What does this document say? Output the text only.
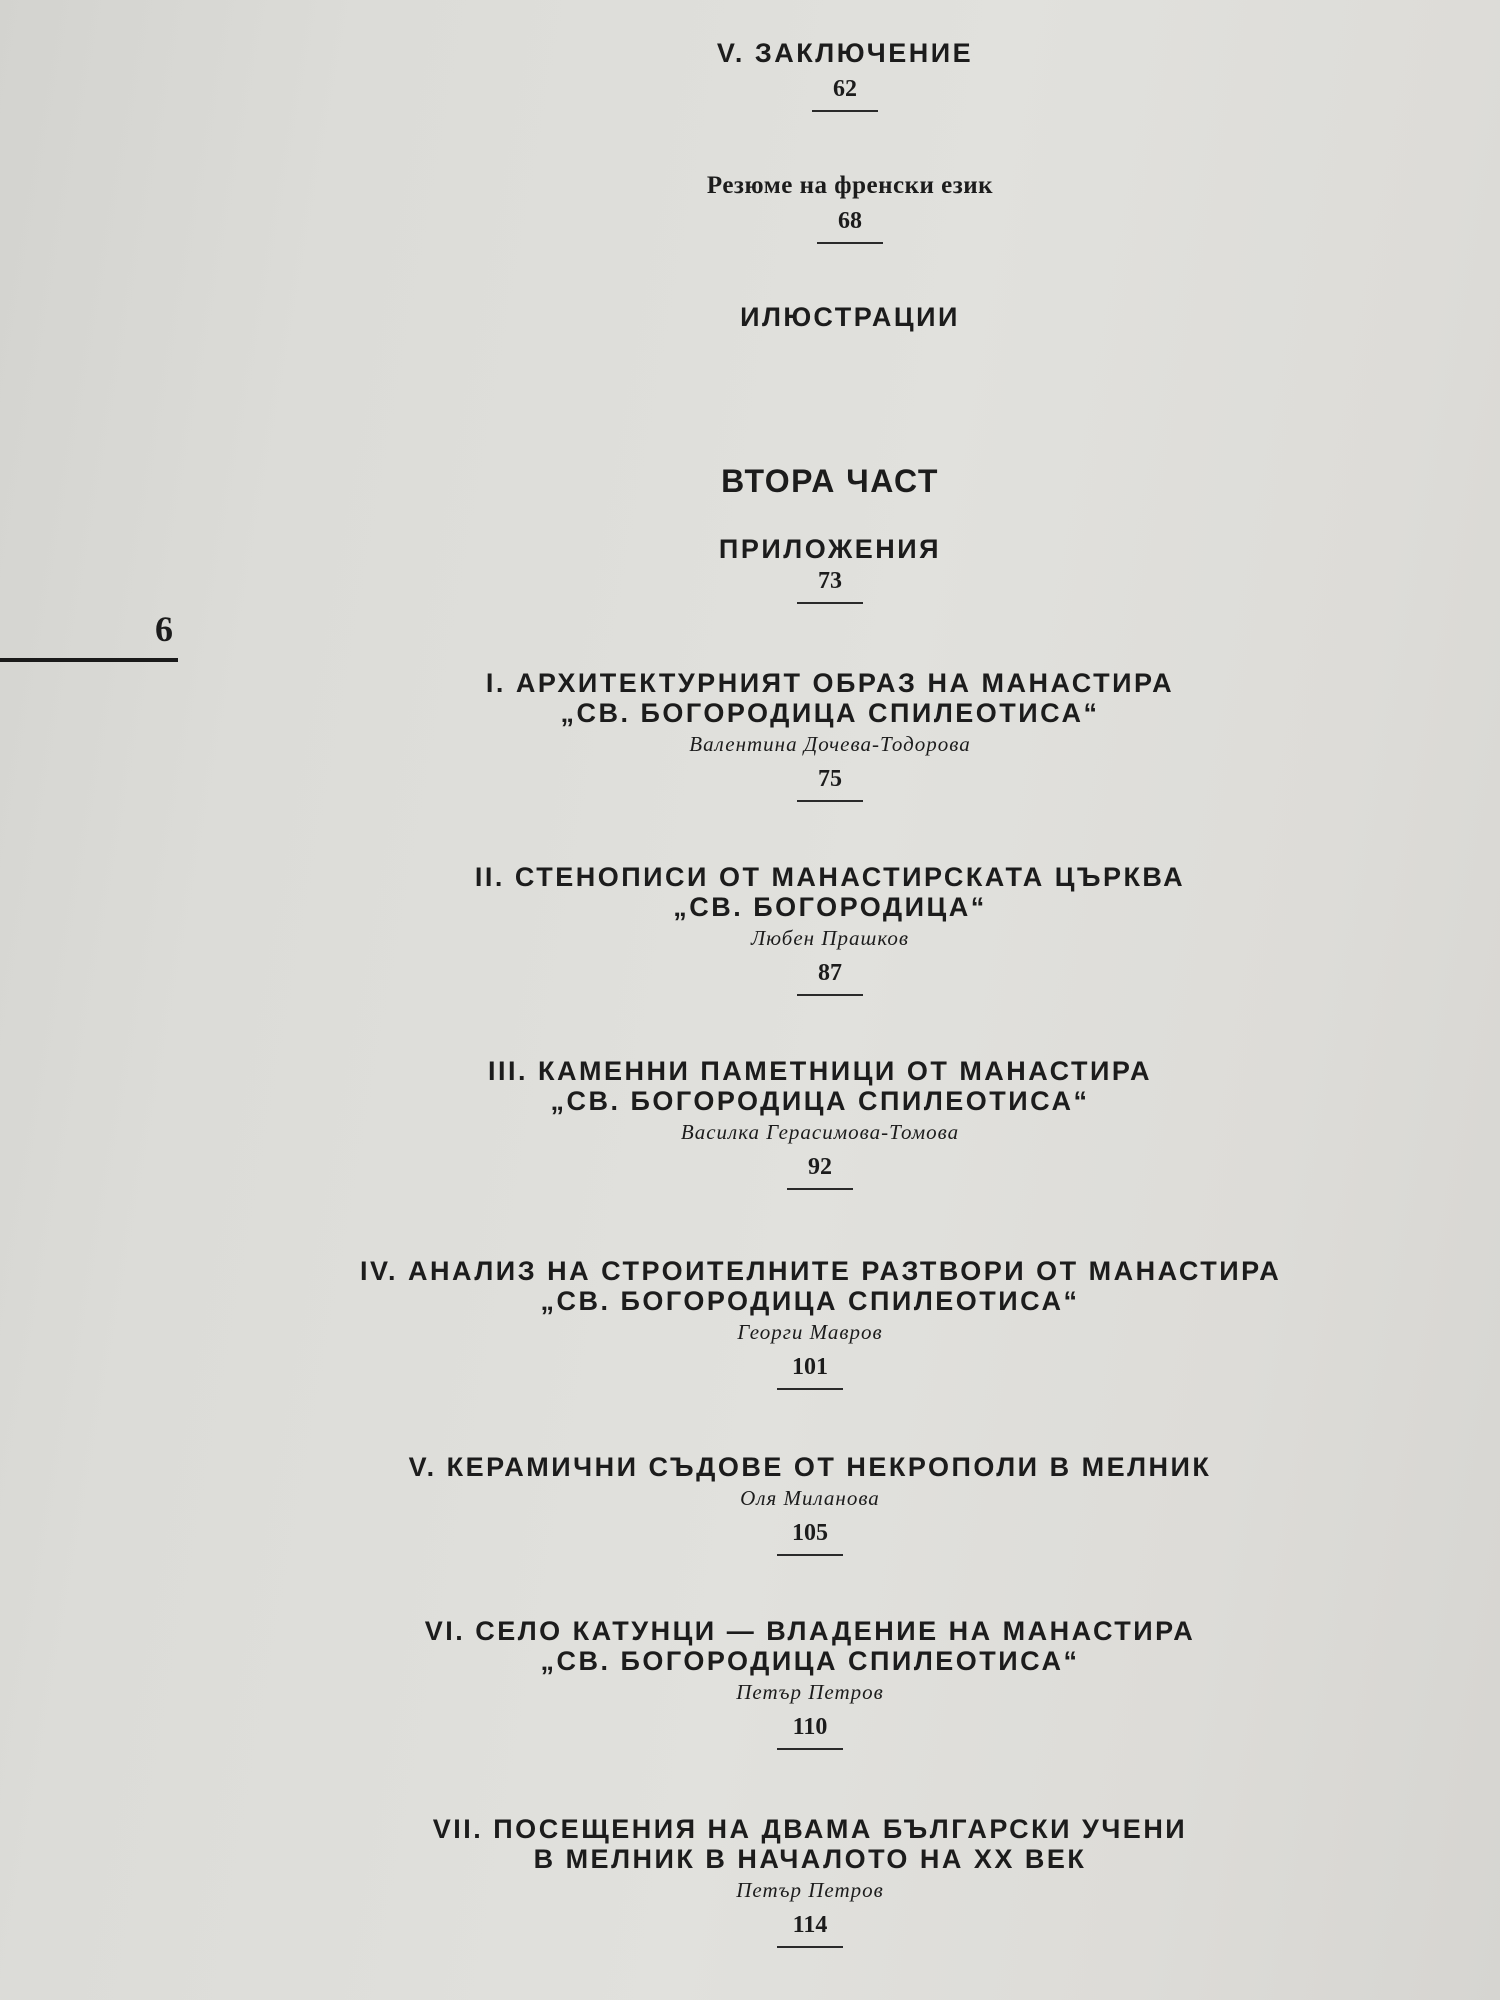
6
V. ЗАКЛЮЧЕНИЕ
62
Резюме на френски език
68
ИЛЮСТРАЦИИ
ВТОРА ЧАСТ
ПРИЛОЖЕНИЯ
73
I. АРХИТЕКТУРНИЯТ ОБРАЗ НА МАНАСТИРА
„СВ. БОГОРОДИЦА СПИЛЕОТИСА“
Валентина Дочева-Тодорова
75
II. СТЕНОПИСИ ОТ МАНАСТИРСКАТА ЦЪРКВА
„СВ. БОГОРОДИЦА“
Любен Прашков
87
III. КАМЕННИ ПАМЕТНИЦИ ОТ МАНАСТИРА
„СВ. БОГОРОДИЦА СПИЛЕОТИСА“
Василка Герасимова-Томова
92
IV. АНАЛИЗ НА СТРОИТЕЛНИТЕ РАЗТВОРИ ОТ МАНАСТИРА
„СВ. БОГОРОДИЦА СПИЛЕОТИСА“
Георги Мавров
101
V. КЕРАМИЧНИ СЪДОВЕ ОТ НЕКРОПОЛИ В МЕЛНИК
Оля Миланова
105
VI. СЕЛО КАТУНЦИ — ВЛАДЕНИЕ НА МАНАСТИРА
„СВ. БОГОРОДИЦА СПИЛЕОТИСА“
Петър Петров
110
VII. ПОСЕЩЕНИЯ НА ДВАМА БЪЛГАРСКИ УЧЕНИ
В МЕЛНИК В НАЧАЛОТО НА XX ВЕК
Петър Петров
114
